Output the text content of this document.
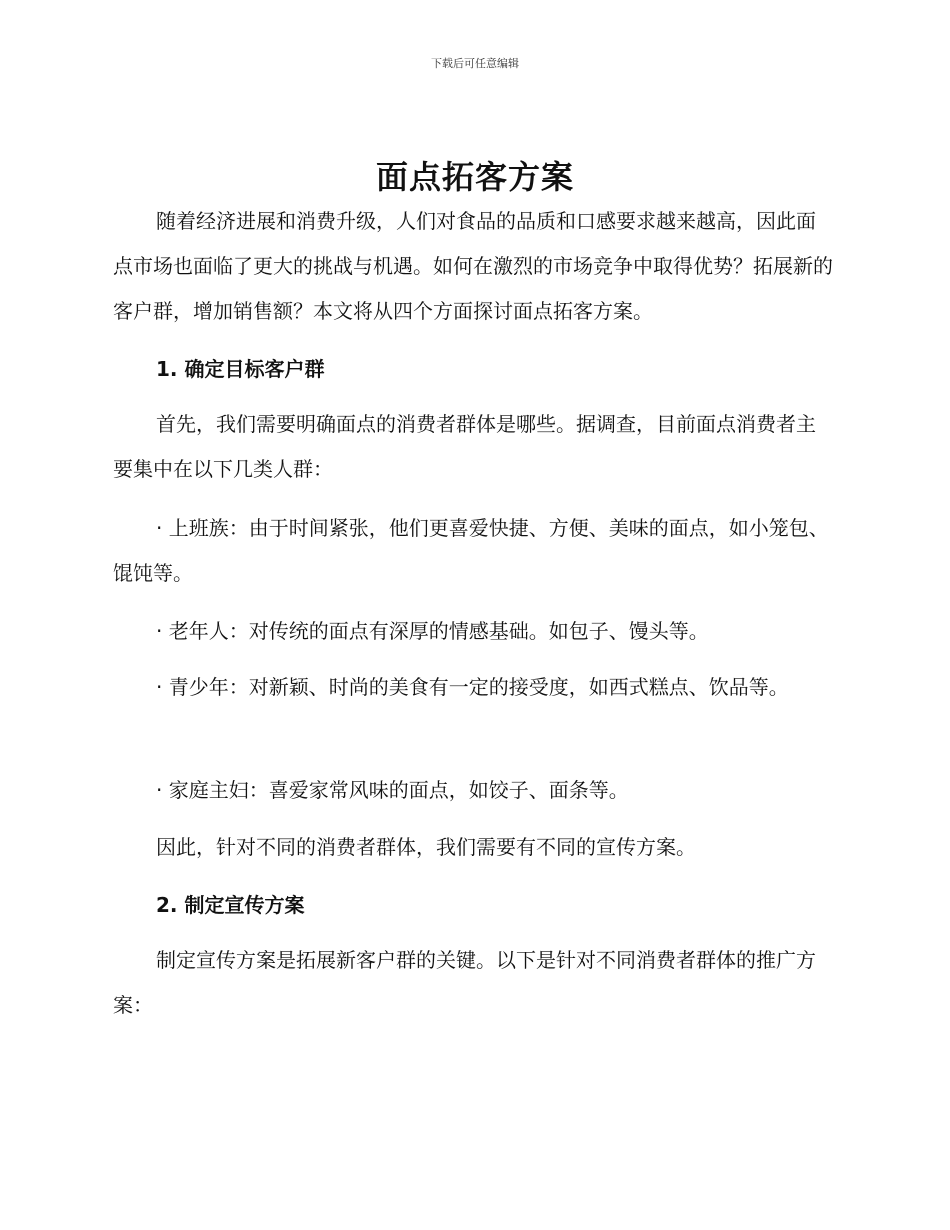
下载后可任意编辑
面点拓客方案

随着经济进展和消费升级，人们对食品的品质和口感要求越来越高，因此面点市场也面临了更大的挑战与机遇。如何在激烈的市场竞争中取得优势？拓展新的客户群，增加销售额？本文将从四个方面探讨面点拓客方案。

1. 确定目标客户群

首先，我们需要明确面点的消费者群体是哪些。据调查，目前面点消费者主要集中在以下几类人群：

· 上班族：由于时间紧张，他们更喜爱快捷、方便、美味的面点，如小笼包、馄饨等。

· 老年人：对传统的面点有深厚的情感基础。如包子、馒头等。

· 青少年：对新颖、时尚的美食有一定的接受度，如西式糕点、饮品等。

· 家庭主妇：喜爱家常风味的面点，如饺子、面条等。

因此，针对不同的消费者群体，我们需要有不同的宣传方案。

2. 制定宣传方案

制定宣传方案是拓展新客户群的关键。以下是针对不同消费者群体的推广方案：
